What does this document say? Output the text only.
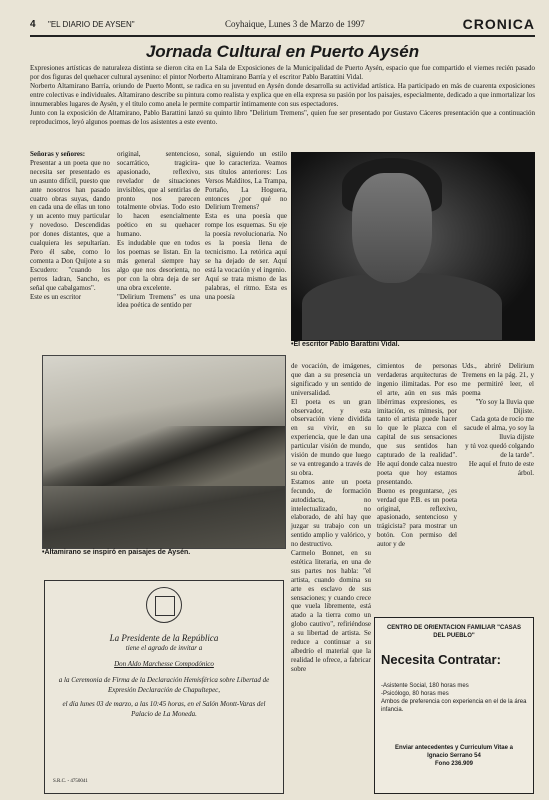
4 "EL DIARIO DE AYSEN"	Coyhaique, Lunes 3 de Marzo de 1997	CRONICA
Jornada Cultural en Puerto Aysén

Expresiones artísticas de naturaleza distinta se dieron cita en La Sala de Exposiciones de la Municipalidad de Puerto Aysén, espacio que fue compartido el viernes recién pasado por dos figuras del quehacer cultural aysenino: el pintor Norberto Altamirano Barría y el escritor Pablo Barattini Vidal.

Norberto Altamirano Barría, oriundo de Puerto Montt, se radica en su juventud en Aysén donde desarrolla su actividad artística. Ha participado en más de cuarenta exposiciones entre colectivas e individuales. Altamirano describe su pintura como realista y explica que en ella expresa su pasión por los paisajes, especialmente, dedicado a que inmortalizar los innumerables lugares de Aysén, y el título como anela le permite compartir íntimamente con sus espectadores.

Junto con la exposición de Altamirano, Pablo Barattini lanzó su quinto libro "Delirium Tremens", quien fue ser presentado por Gustavo Cáceres presentación que a continuación reproducimos, leyó algunos poemas de los asistentes a este evento.

Señoras y señores:

Presentar a un poeta que no necesita ser presentado es un asunto difícil, puesto que ante nosotros han pasado cuatro obras suyas, dando en cada una de ellas un tono y un acento muy particular y novedoso. Descendidas por dones distantes, que a cualquiera les sepultarían. Pero él sabe, como lo comenta a Don Quijote a su Escudero: "cuando los perros ladran, Sancho, es señal que cabalgamos".

Este es un escritor

original, sentencioso, socarrático, tragiciraapasionado, reflexivo, revelador de situaciones invisibles, que al sentirlas de pronto nos parecen totalmente obvias. Todo esto lo hacen esencialmente poético en su quehacer humano.

Es indudable que en todos los poemas se listan. En la más general siempre hay algo que nos desorienta, no por con la obra deja de ser una obra excelente.

"Delirium Tremens" es una idea poética de sentido per

sonal, siguiendo un estilo que lo caracteriza. Veamos sus títulos anteriores: Los Versos Malditos, La Trampa, Portaño, La Hoguera, entonces ¿por qué no Delirium Tremens?

Esta es una poesía que rompe los esquemas. Su eje la poesía revolucionaria. No es la poesía llena de tecnicismo. La retórica aquí se ha dejado de ser. Aquí está la vocación y el ingenio.

Aquí se trata mismo de las palabras, el ritmo. Esta es una poesía

•El escritor Pablo Barattini Vidal.
•Altamirano se inspiró en paisajes de Aysén.

de vocación, de imágenes, que dan a su presencia un significado y un sentido de universalidad.

El poeta es un gran observador, y esta observación viene dividida en su vivir, en su experiencia, que le dan una particular visión de mundo, visión de mundo que luego se va entregando a través de su obra.

Estamos ante un poeta fecundo, de formación autodidacta, no intelectualizado, no elaborado, de ahí hay que juzgar su trabajo con un sentido amplio y valórico, y no destructivo.

Carmelo Bonnet, en su estética literaria, en una de sus partes nos habla: "el artista, cuando domina su arte es esclavo de sus sensaciones; y cuando crece que vuela libremente, está atado a la tierra como un globo cautivo", refiriéndose a su libertad de artista. Se reduce a continuar a su albedrío el material que la realidad le ofrece, a fabricar sobre

cimientos de personas verdaderas arquitecturas de ingenio ilimitadas. Por eso el arte, aún en sus más libérrimas expresiones, es imitación, es mímesis, por tanto el artista puede hacer lo que le plazca con el capital de sus sensaciones que sus sentidos han capturado de la realidad". He aquí donde calza nuestro poeta que hoy estamos presentando.

Bueno es preguntarse, ¿es verdad que P.B. es un poeta original, reflexivo, apasionado, sentencioso y trágicista? para mostrar un botón. Con permiso del autor y de

Uds., abriré Delirium Tremens en la pág. 21, y me permitiré leer, el poema

"Yo soy la lluvia que Dijiste.

Cada gota de rocío me sacude el alma, yo soy la lluvia dijiste

y tú voz quedó colgando de la tarde".

He aquí el fruto de este árbol.

La Presidente de la República
tiene el agrado de invitar a
Don Aldo Marchesse Compodónico
a la Ceremonia de Firma de la Declaración Hemisférica sobre Libertad de Expresión Declaración de Chapultepec,
el día lunes 03 de marzo, a las 10:45 horas, en el Salón Montt-Varas del Palacio de La Moneda.
S.R.C. - 4750041
CENTRO DE ORIENTACION FAMILIAR "CASAS DEL PUEBLO"
Necesita Contratar:

-Asistente Social, 180 horas mes

-Psicólogo, 80 horas mes

Ambos de preferencia con experiencia en el de la área infancia.

Enviar antecedentes y Curriculum Vitae a

Ignacio Serrano 54

Fono 236.909
